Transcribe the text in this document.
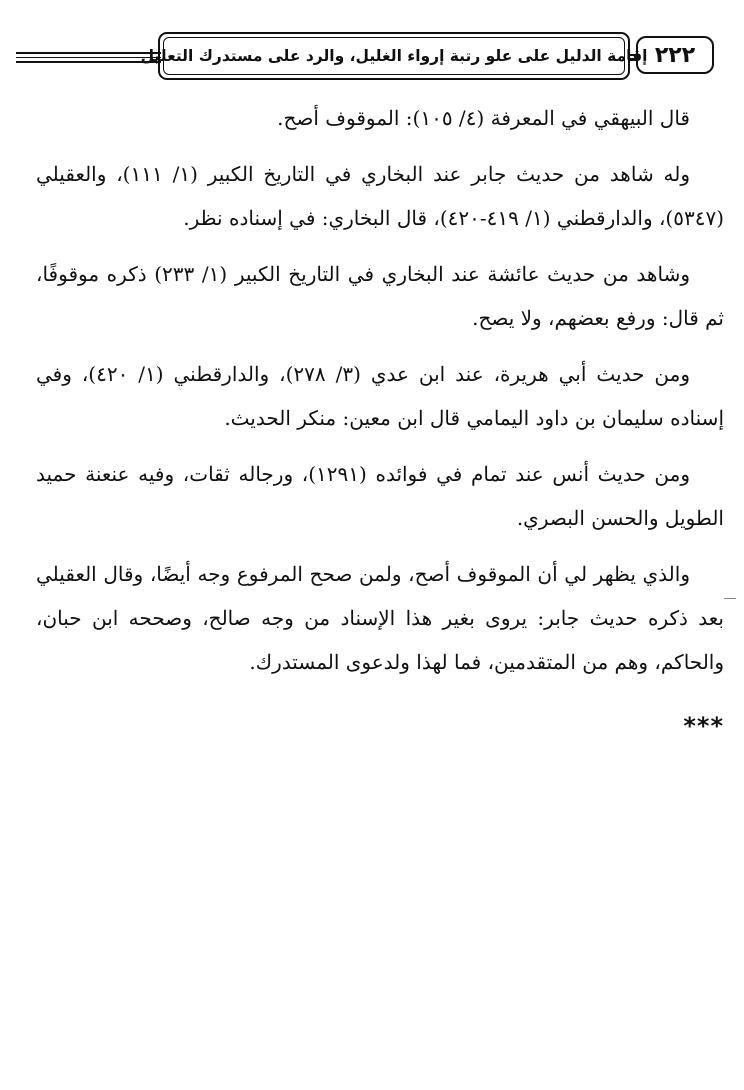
إقامة الدليل على علو رتبة إرواء الغليل، والرد على مستدرك التعليل ٢٢٢

قال البيهقي في المعرفة (٤/ ١٠٥): الموقوف أصح.

وله شاهد من حديث جابر عند البخاري في التاريخ الكبير (١/ ١١١)، والعقيلي (٥٣٤٧)، والدارقطني (١/ ٤١٩-٤٢٠)، قال البخاري: في إسناده نظر.

وشاهد من حديث عائشة عند البخاري في التاريخ الكبير (١/ ٢٣٣) ذكره موقوفًا، ثم قال: ورفع بعضهم، ولا يصح.

ومن حديث أبي هريرة، عند ابن عدي (٣/ ٢٧٨)، والدارقطني (١/ ٤٢٠)، وفي إسناده سليمان بن داود اليمامي قال ابن معين: منكر الحديث.

ومن حديث أنس عند تمام في فوائده (١٢٩١)، ورجاله ثقات، وفيه عنعنة حميد الطويل والحسن البصري.

والذي يظهر لي أن الموقوف أصح، ولمن صحح المرفوع وجه أيضًا، وقال العقيلي بعد ذكره حديث جابر: يروى بغير هذا الإسناد من وجه صالح، وصححه ابن حبان، والحاكم، وهم من المتقدمين، فما لهذا ولدعوى المستدرك.

***
